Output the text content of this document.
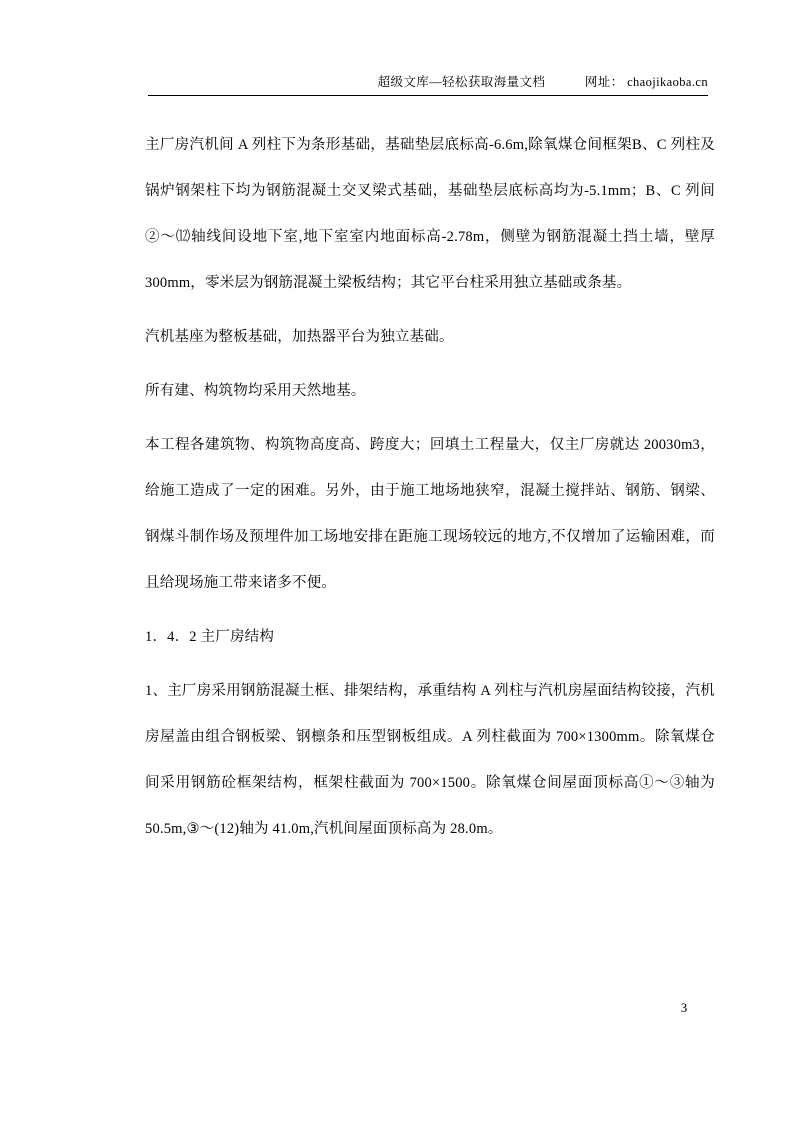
超级文库—轻松获取海量文档	网址： chaojikaoba.cn

主厂房汽机间 A 列柱下为条形基础，基础垫层底标高-6.6m,除氧煤仓间框架B、C 列柱及锅炉钢架柱下均为钢筋混凝土交叉梁式基础，基础垫层底标高均为-5.1mm；B、C 列间②～⑿轴线间设地下室,地下室室内地面标高-2.78m，侧壁为钢筋混凝土挡土墙，壁厚 300mm，零米层为钢筋混凝土梁板结构；其它平台柱采用独立基础或条基。

汽机基座为整板基础，加热器平台为独立基础。

所有建、构筑物均采用天然地基。

本工程各建筑物、构筑物高度高、跨度大；回填土工程量大，仅主厂房就达 20030m3，给施工造成了一定的困难。另外，由于施工地场地狭窄，混凝土搅拌站、钢筋、钢梁、钢煤斗制作场及预埋件加工场地安排在距施工现场较远的地方,不仅增加了运输困难，而且给现场施工带来诸多不便。

1．4．2 主厂房结构

1、主厂房采用钢筋混凝土框、排架结构，承重结构 A 列柱与汽机房屋面结构铰接，汽机房屋盖由组合钢板梁、钢檩条和压型钢板组成。A 列柱截面为 700×1300mm。除氧煤仓间采用钢筋砼框架结构，框架柱截面为 700×1500。除氧煤仓间屋面顶标高①～③轴为 50.5m,③～(12)轴为 41.0m,汽机间屋面顶标高为 28.0m。

3
